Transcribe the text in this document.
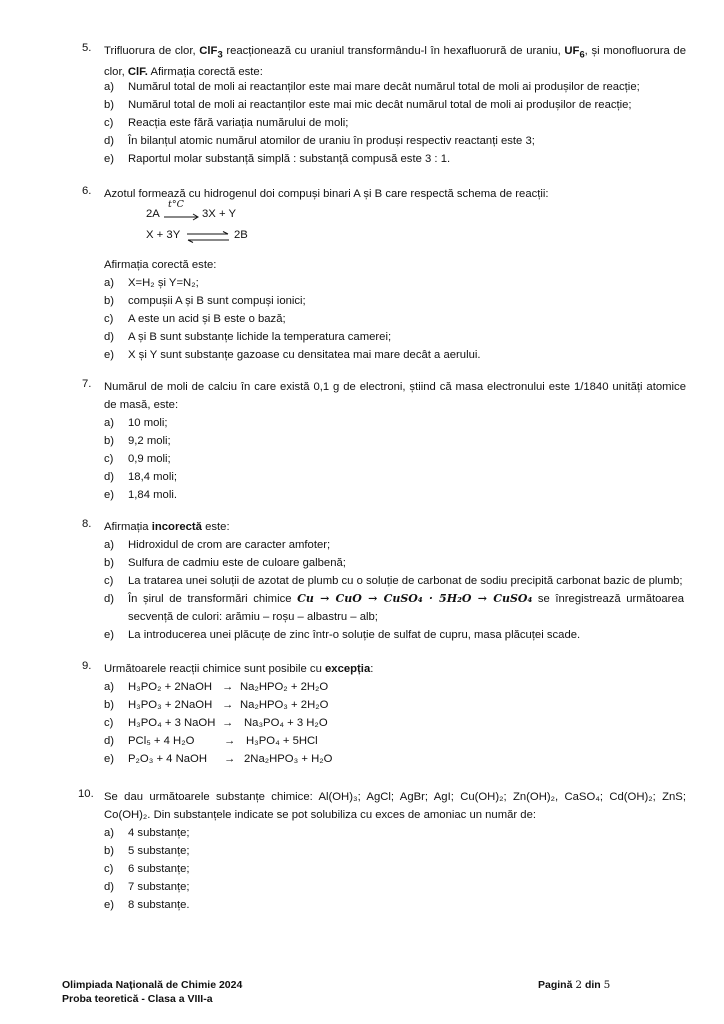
5. Trifluorura de clor, ClF$_3$ reacționează cu uraniul transformându-l în hexafluorură de uraniu, $UF_6$, și monofluorura de clor, ClF. Afirmația corectă este:
a) Numărul total de moli ai reactanților este mai mare decât numărul total de moli ai produșilor de reacție;
b) Numărul total de moli ai reactanților este mai mic decât numărul total de moli ai produșilor de reacție;
c) Reacția este fără variația numărului de moli;
d) În bilanțul atomic numărul atomilor de uraniu în produși respectiv reactanți este 3;
e) Raportul molar substanță simplă : substanță compusă este 3 : 1.
6. Azotul formează cu hidrogenul doi compuși binari A și B care respectă schema de reacții:
2A
t°C
3X + Y
X + 3Y ⇌ 2B
Afirmația corectă este:
a) X=H₂ și Y=N₂;
b) compușii A și B sunt compuși ionici;
c) A este un acid și B este o bază;
d) A și B sunt substanțe lichide la temperatura camerei;
e) X și Y sunt substanțe gazoase cu densitatea mai mare decât a aerului.
7. Numărul de moli de calciu în care există 0,1 g de electroni, știind că masa electronului este 1/1840 unități atomice de masă, este:
a) 10 moli;
b) 9,2 moli;
c) 0,9 moli;
d) 18,4 moli;
e) 1,84 moli.
8. Afirmația incorectă este:
a) Hidroxidul de crom are caracter amfoter;
b) Sulfura de cadmiu este de culoare galbenă;
c) La tratarea unei soluții de azotat de plumb cu o soluție de carbonat de sodiu precipită carbonat bazic de plumb;
d) În șirul de transformări chimice Cu → CuO → CuSO₄ · 5H₂O → CuSO₄ se înregistrează următoarea secvență de culori: arămiu – roșu – albastru – alb;
e) La introducerea unei plăcuțe de zinc într-o soluție de sulfat de cupru, masa plăcuței scade.
9. Următoarele reacții chimice sunt posibile cu excepția:
a) H₃PO₂ + 2NaOH → Na₂HPO₂ + 2H₂O
b) H₃PO₃ + 2NaOH → Na₂HPO₃ + 2H₂O
c) H₃PO₄ + 3 NaOH → Na₃PO₄ + 3 H₂O
d) PCl₅ + 4 H₂O	→ H₃PO₄ + 5HCl
e) P₂O₃ + 4 NaOH → 2Na₂HPO₃ + H₂O
10. Se dau următoarele substanțe chimice: Al(OH)₃; AgCl; AgBr; AgI; Cu(OH)₂; Zn(OH)₂, CaSO₄; Cd(OH)₂; ZnS; Co(OH)₂. Din substanțele indicate se pot solubiliza cu exces de amoniac un număr de:
a) 4 substanțe;
b) 5 substanțe;
c) 6 substanțe;
d) 7 substanțe;
e) 8 substanțe.
Olimpiada Națională de Chimie 2024
Proba teoretică - Clasa a VIII-a
Pagină 2 din 5
